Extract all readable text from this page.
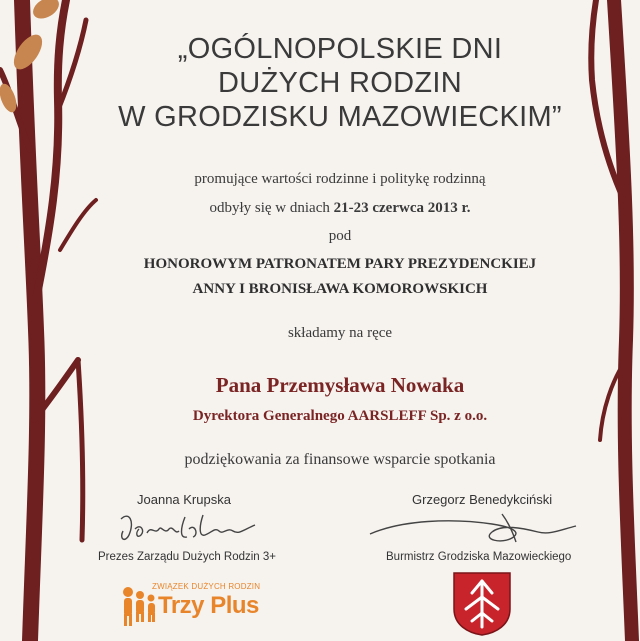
„OGÓLNOPOLSKIE DNI
DUŻYCH RODZIN
W GRODZISKU MAZOWIECKIM”
promujące wartości rodzinne i politykę rodzinną
odbyły się w dniach 21-23 czerwca 2013 r.
pod
HONOROWYM PATRONATEM PARY PREZYDENCKIEJ
ANNY I BRONISŁAWA KOMOROWSKICH
składamy na ręce
Pana Przemysława Nowaka
Dyrektora Generalnego AARSLEFF Sp. z o.o.
podziękowania za finansowe wsparcie spotkania
Joanna Krupska
Prezes Zarządu Dużych Rodzin 3+
Grzegorz Benedykciński
Burmistrz Grodziska Mazowieckiego
ZWIĄZEK DUŻYCH RODZIN
Trzy Plus
